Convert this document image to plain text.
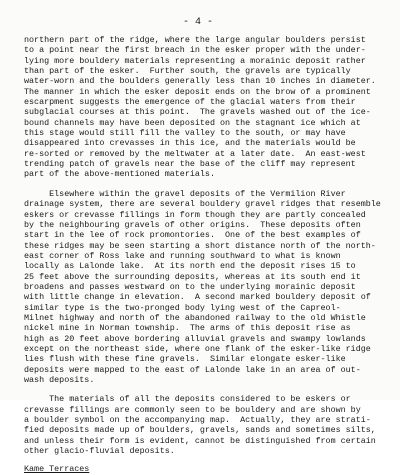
- 4 -
northern part of the ridge, where the large angular boulders persist
to a point near the first breach in the esker proper with the under-
lying more bouldery materials representing a morainic deposit rather
than part of the esker.  Further south, the gravels are typically
water-worn and the boulders generally less than 10 inches in diameter.
The manner in which the esker deposit ends on the brow of a prominent
escarpment suggests the emergence of the glacial waters from their
subglacial courses at this point.  The gravels washed out of the ice-
bound channels may have been deposited on the stagnant ice which at
this stage would still fill the valley to the south, or may have
disappeared into crevasses in this ice, and the materials would be
re-sorted or removed by the meltwater at a later date.  An east-west
trending patch of gravels near the base of the cliff may represent
part of the above-mentioned materials.
Elsewhere within the gravel deposits of the Vermilion River
drainage system, there are several bouldery gravel ridges that resemble
eskers or crevasse fillings in form though they are partly concealed
by the neighbouring gravels of other origins.  These deposits often
start in the lee of rock promontories.  One of the best examples of
these ridges may be seen starting a short distance north of the north-
east corner of Ross lake and running southward to what is known
locally as Lalonde lake.  At its north end the deposit rises 15 to
25 feet above the surrounding deposits, whereas at its south end it
broadens and passes westward on to the underlying morainic deposit
with little change in elevation.  A second marked bouldery deposit of
similar type is the two-pronged body lying west of the Capreol-
Milnet highway and north of the abandoned railway to the old Whistle
nickel mine in Norman township.  The arms of this deposit rise as
high as 20 feet above bordering alluvial gravels and swampy lowlands
except on the northeast side, where one flank of the esker-like ridge
lies flush with these fine gravels.  Similar elongate esker-like
deposits were mapped to the east of Lalonde lake in an area of out-
wash deposits.
The materials of all the deposits considered to be eskers or
crevasse fillings are commonly seen to be bouldery and are shown by
a boulder symbol on the accompanying map.  Actually, they are strati-
fied deposits made up of boulders, gravels, sands and sometimes silts,
and unless their form is evident, cannot be distinguished from certain
other glacio-fluvial deposits.
Kame Terraces
